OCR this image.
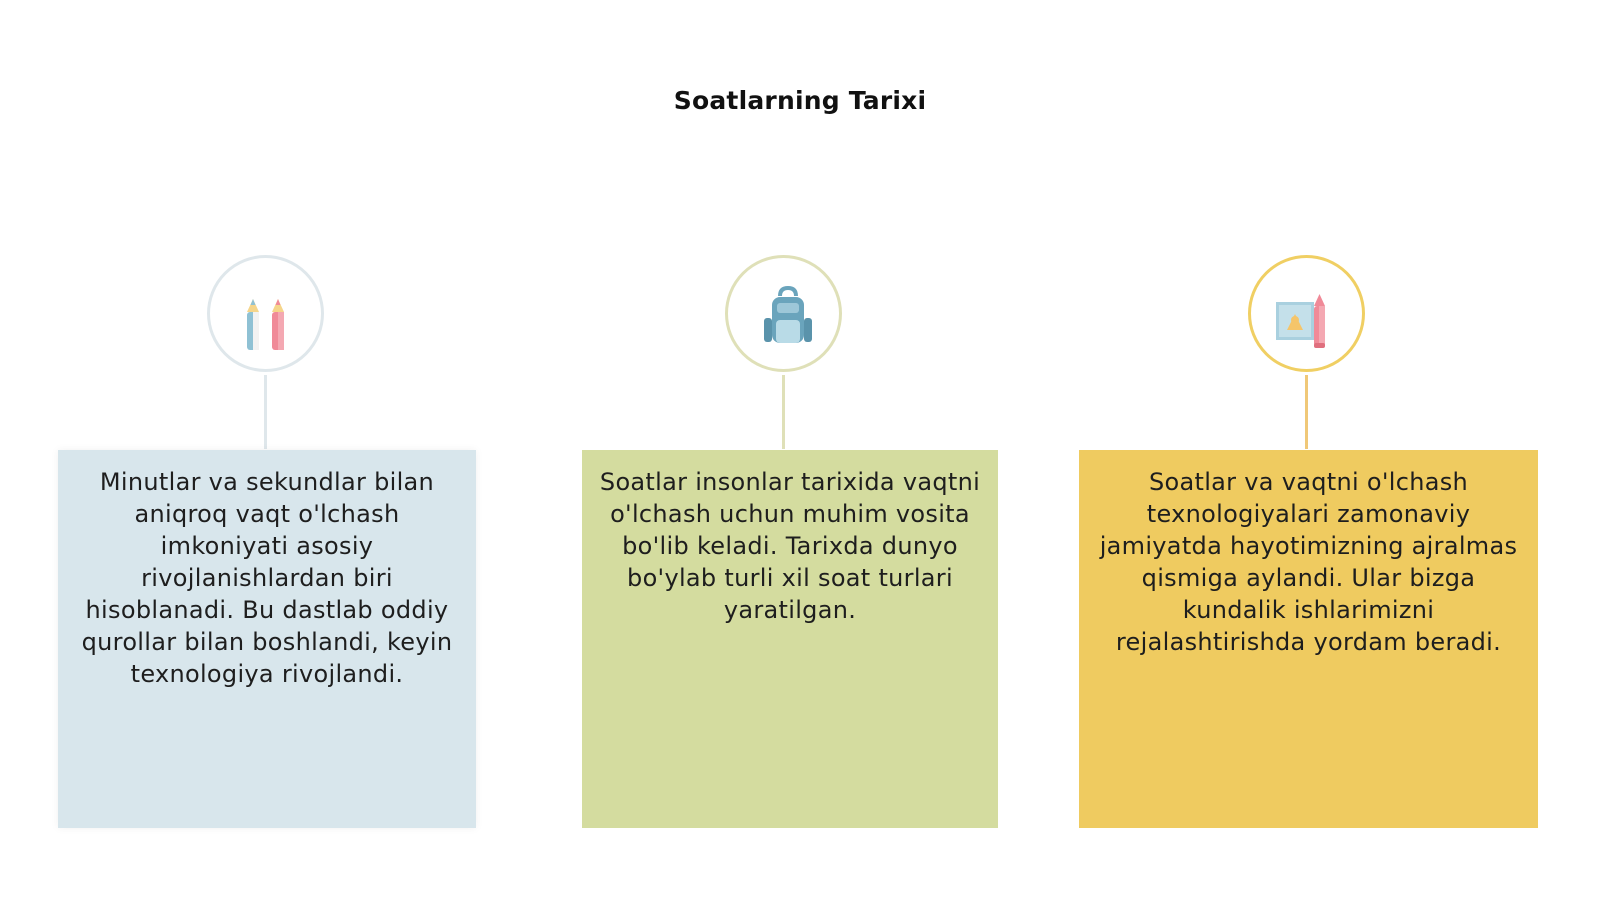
Soatlarning Tarixi

Minutlar va sekundlar bilan aniqroq vaqt o'lchash imkoniyati asosiy rivojlanishlardan biri hisoblanadi. Bu dastlab oddiy qurollar bilan boshlandi, keyin texnologiya rivojlandi.

Soatlar insonlar tarixida vaqtni o'lchash uchun muhim vosita bo'lib keladi. Tarixda dunyo bo'ylab turli xil soat turlari yaratilgan.

Soatlar va vaqtni o'lchash texnologiyalari zamonaviy jamiyatda hayotimizning ajralmas qismiga aylandi. Ular bizga kundalik ishlarimizni rejalashtirishda yordam beradi.
